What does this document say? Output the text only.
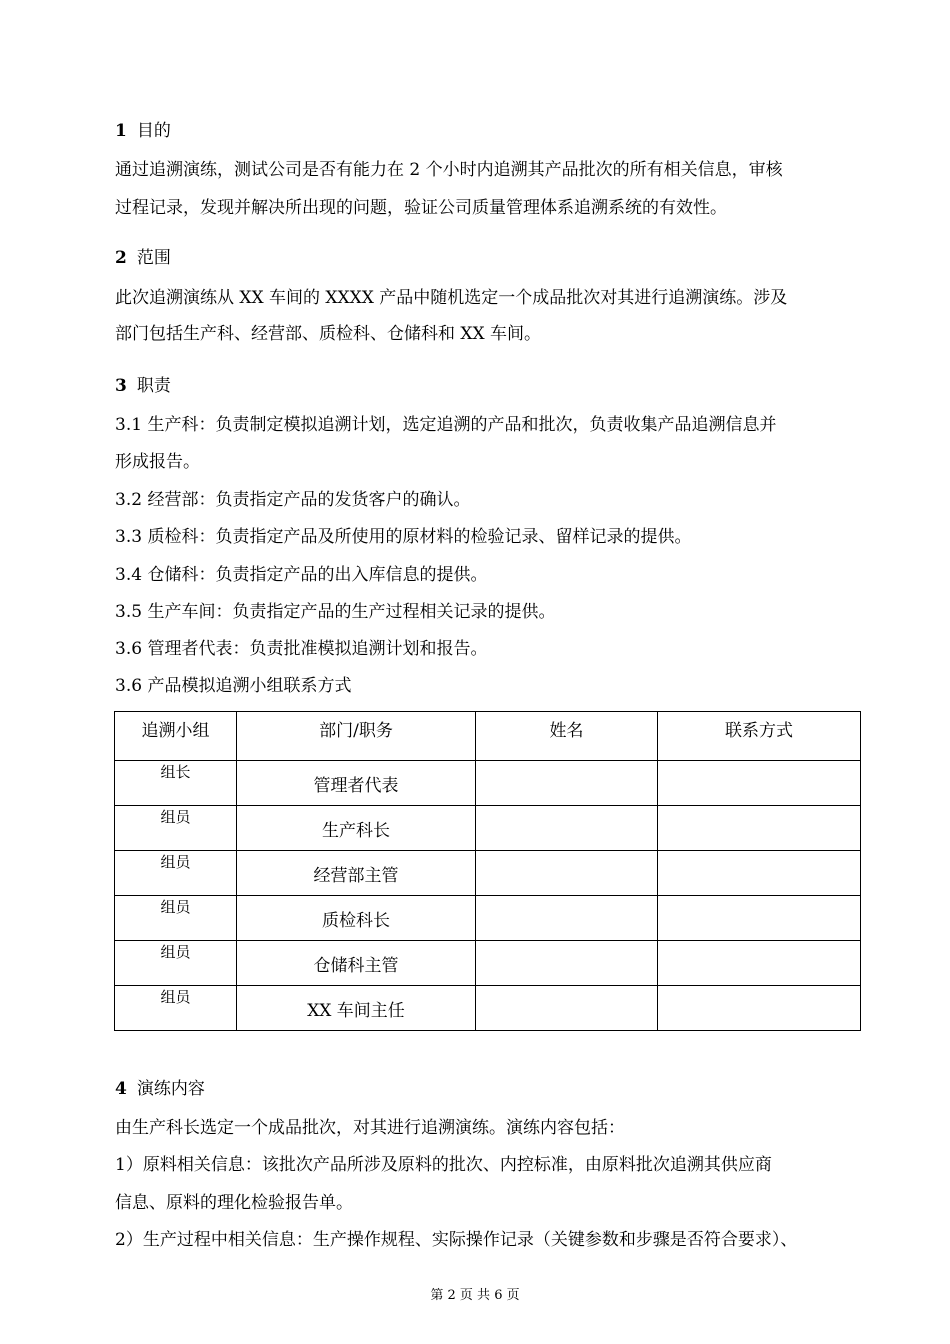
1 目的
通过追溯演练，测试公司是否有能力在 2 个小时内追溯其产品批次的所有相关信息，审核
过程记录，发现并解决所出现的问题，验证公司质量管理体系追溯系统的有效性。
2 范围
此次追溯演练从 XX 车间的 XXXX 产品中随机选定一个成品批次对其进行追溯演练。涉及
部门包括生产科、经营部、质检科、仓储科和 XX 车间。
3 职责
3.1 生产科：负责制定模拟追溯计划，选定追溯的产品和批次，负责收集产品追溯信息并
形成报告。
3.2 经营部：负责指定产品的发货客户的确认。
3.3 质检科：负责指定产品及所使用的原材料的检验记录、留样记录的提供。
3.4 仓储科：负责指定产品的出入库信息的提供。
3.5 生产车间：负责指定产品的生产过程相关记录的提供。
3.6 管理者代表：负责批准模拟追溯计划和报告。
3.6 产品模拟追溯小组联系方式
追溯小组	部门/职务	姓名	联系方式
组长	管理者代表		
组员	生产科长		
组员	经营部主管		
组员	质检科长		
组员	仓储科主管		
组员	XX 车间主任		
4 演练内容
由生产科长选定一个成品批次，对其进行追溯演练。演练内容包括：
1）原料相关信息：该批次产品所涉及原料的批次、内控标准，由原料批次追溯其供应商
信息、原料的理化检验报告单。
2）生产过程中相关信息：生产操作规程、实际操作记录（关键参数和步骤是否符合要求）、
第 2 页 共 6 页
